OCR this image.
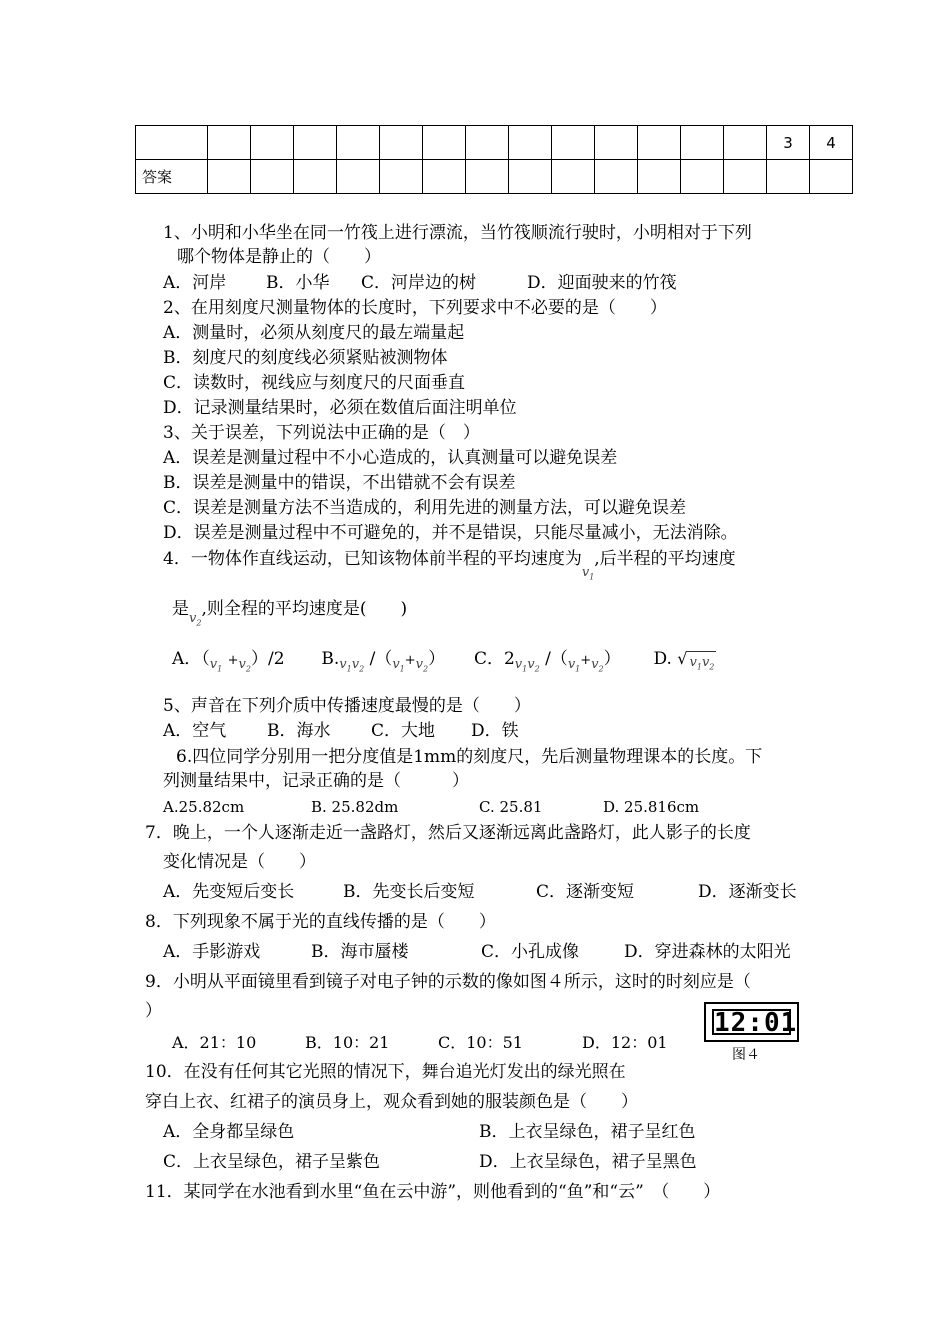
														3	4
答案															
1、小明和小华坐在同一竹筏上进行漂流，当竹筏顺流行驶时，小明相对于下列
哪个物体是静止的（　　）
A．河岸 B．小华 C．河岸边的树	D．迎面驶来的竹筏
2、在用刻度尺测量物体的长度时，下列要求中不必要的是（　　）
A．测量时，必须从刻度尺的最左端量起
B．刻度尺的刻度线必须紧贴被测物体
C．读数时，视线应与刻度尺的尺面垂直
D．记录测量结果时，必须在数值后面注明单位
3、关于误差，下列说法中正确的是（　）
A．误差是测量过程中不小心造成的，认真测量可以避免误差
B．误差是测量中的错误，不出错就不会有误差
C．误差是测量方法不当造成的，利用先进的测量方法，可以避免误差
D．误差是测量过程中不可避免的，并不是错误，只能尽量减小，无法消除。
4．一物体作直线运动，已知该物体前半程的平均速度为$_{v_1}$,后半程的平均速度
是$_{v_2}$,则全程的平均速度是(　　)
A．$(_{v_1} +_{v_2})/2$ $B._{v_1v_2}$ $/(_{v_1}+_{v_2})$ C．$2_{v_1v_2}$ $/(_{v_1}+_{v_2})$ D. √ $v_1v_2$
5、声音在下列介质中传播速度最慢的是（　　）
A．空气 B．海水 C．大地 D．铁
6.四位同学分别用一把分度值是1mm的刻度尺，先后测量物理课本的长度。下
列测量结果中，记录正确的是（　　　）
A.25.82cm	B. 25.82dm	C. 25.81	D. 25.816cm
7．晚上，一个人逐渐走近一盏路灯，然后又逐渐远离此盏路灯，此人影子的长度
变化情况是（　　）
A．先变短后变长	B．先变长后变短	C．逐渐变短	D．逐渐变长
8．下列现象不属于光的直线传播的是（　　）
A．手影游戏	B．海市蜃楼	C．小孔成像	D．穿进森林的太阳光
9．小明从平面镜里看到镜子对电子钟的示数的像如图４所示，这时的时刻应是（
）
A．21：10	B．10：21	C．10：51	D．12：01
12:01
图４
10．在没有任何其它光照的情况下，舞台追光灯发出的绿光照在
穿白上衣、红裙子的演员身上，观众看到她的服装颜色是（　　）
A．全身都呈绿色	B．上衣呈绿色，裙子呈红色
C．上衣呈绿色，裙子呈紫色	D．上衣呈绿色，裙子呈黑色
11．某同学在水池看到水里“鱼在云中游”，则他看到的“鱼”和“云”　（　　）
